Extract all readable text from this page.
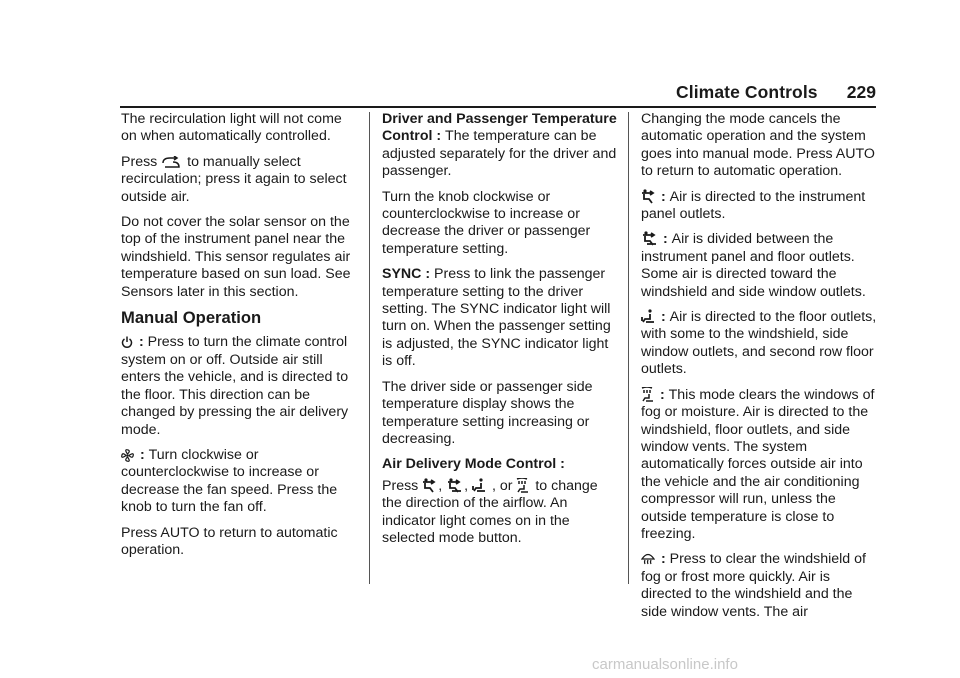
Climate Controls 229

The recirculation light will not come on when automatically controlled.

Press
to manually select recirculation; press it again to select outside air.

Do not cover the solar sensor on the top of the instrument panel near the windshield. This sensor regulates air temperature based on sun load. See Sensors later in this section.

Manual Operation

: Press to turn the climate control system on or off. Outside air still enters the vehicle, and is directed to the floor. This direction can be changed by pressing the air delivery mode.

: Turn clockwise or counterclockwise to increase or decrease the fan speed. Press the knob to turn the fan off.

Press AUTO to return to automatic operation.

Driver and Passenger Temperature Control : The temperature can be adjusted separately for the driver and passenger.

Turn the knob clockwise or counterclockwise to increase or decrease the driver or passenger temperature setting.

SYNC : Press to link the passenger temperature setting to the driver setting. The SYNC indicator light will turn on. When the passenger setting is adjusted, the SYNC indicator light is off.

The driver side or passenger side temperature display shows the temperature setting increasing or decreasing.

Air Delivery Mode Control :

Press
,
,
, or
to change the direction of the airflow. An indicator light comes on in the selected mode button.

Changing the mode cancels the automatic operation and the system goes into manual mode. Press AUTO to return to automatic operation.

: Air is directed to the instrument panel outlets.

: Air is divided between the instrument panel and floor outlets. Some air is directed toward the windshield and side window outlets.

: Air is directed to the floor outlets, with some to the windshield, side window outlets, and second row floor outlets.

: This mode clears the windows of fog or moisture. Air is directed to the windshield, floor outlets, and side window vents. The system automatically forces outside air into the vehicle and the air conditioning compressor will run, unless the outside temperature is close to freezing.

: Press to clear the windshield of fog or frost more quickly. Air is directed to the windshield and the side window vents. The air

carmanualsonline.info
